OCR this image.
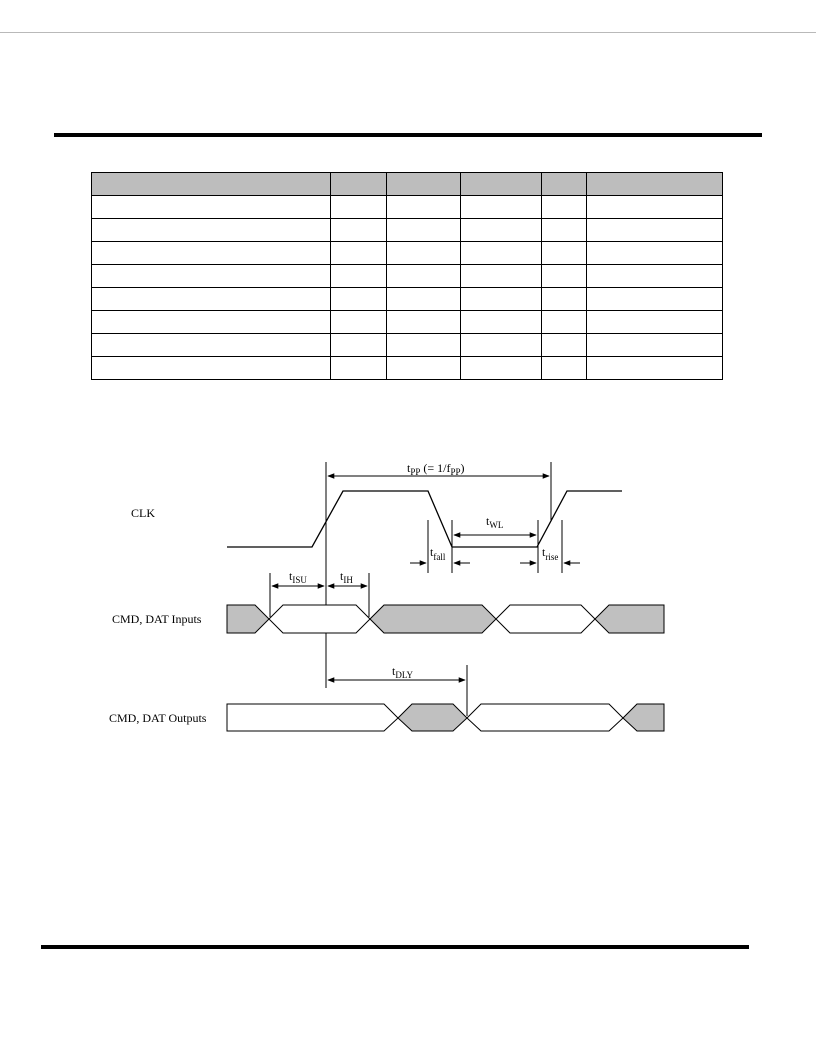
CLK
CMD, DAT Inputs
CMD, DAT Outputs
$t_{PP}$ (= $1/f_{PP}$)
$t_{WL}$
$t_{fall}$	$t_{rise}$
$t_{ISU}$	$t_{IH}$
$t_{DLY}$
